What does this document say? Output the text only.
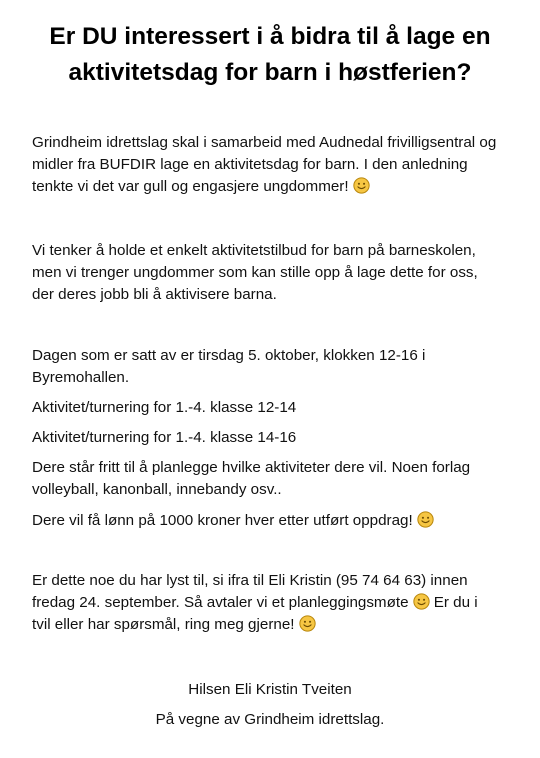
Er DU interessert i å bidra til å lage en
aktivitetsdag for barn i høstferien?
Grindheim idrettslag skal i samarbeid med Audnedal frivilligsentral og
midler fra BUFDIR lage en aktivitetsdag for barn. I den anledning
tenkte vi det var gull og engasjere ungdommer!
Vi tenker å holde et enkelt aktivitetstilbud for barn på barneskolen,
men vi trenger ungdommer som kan stille opp å lage dette for oss,
der deres jobb bli å aktivisere barna.
Dagen som er satt av er tirsdag 5. oktober, klokken 12-16 i
Byremohallen.
Aktivitet/turnering for 1.-4. klasse 12-14
Aktivitet/turnering for 1.-4. klasse 14-16
Dere står fritt til å planlegge hvilke aktiviteter dere vil. Noen forlag
volleyball, kanonball, innebandy osv..
Dere vil få lønn på 1000 kroner hver etter utført oppdrag!
Er dette noe du har lyst til, si ifra til Eli Kristin (95 74 64 63) innen
fredag 24. september. Så avtaler vi et planleggingsmøte Er du i
tvil eller har spørsmål, ring meg gjerne!
Hilsen Eli Kristin Tveiten
På vegne av Grindheim idrettslag.
